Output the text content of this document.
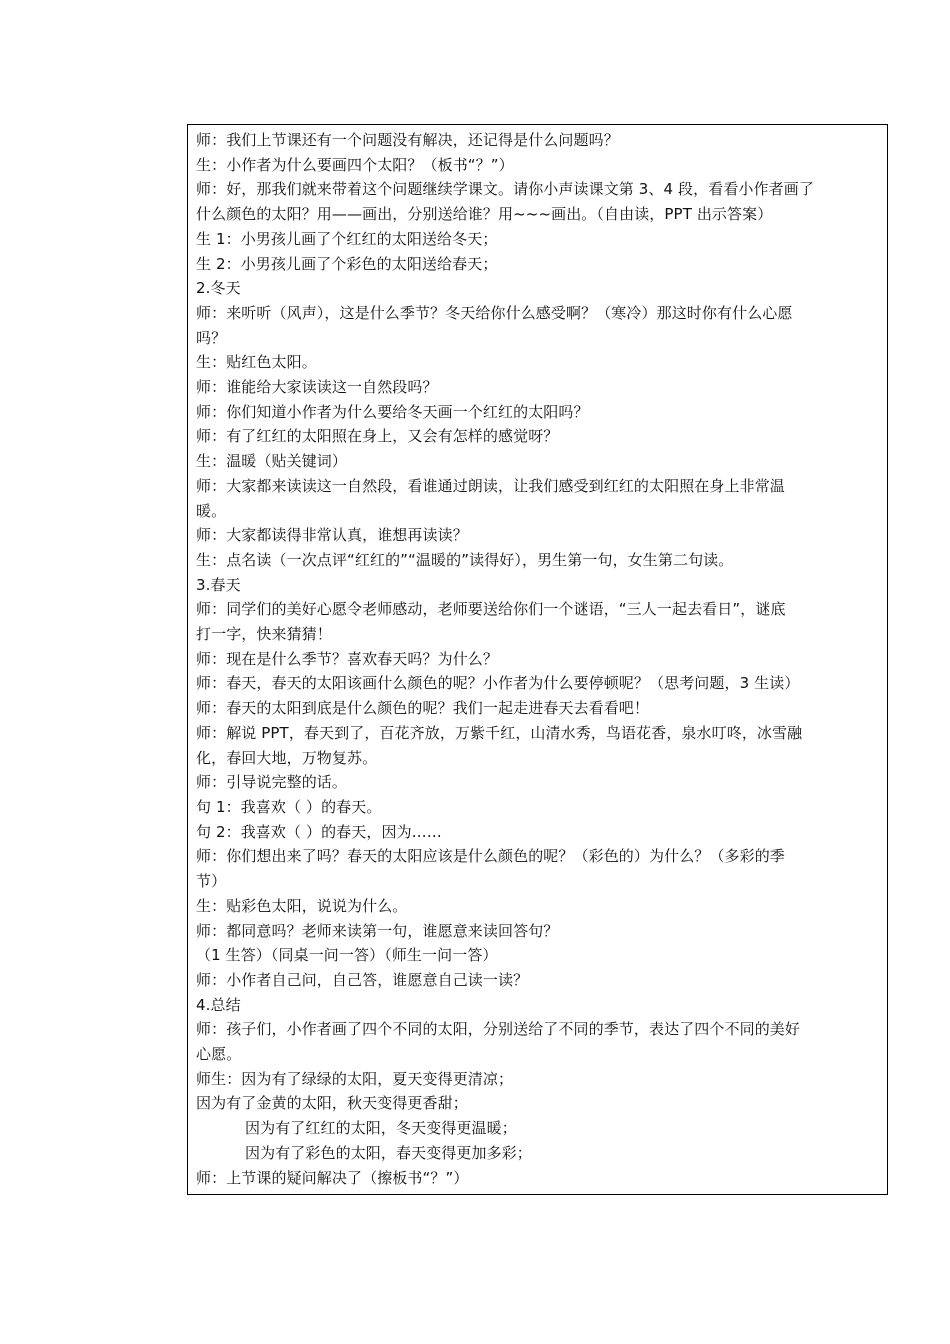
师：我们上节课还有一个问题没有解决，还记得是什么问题吗？
生：小作者为什么要画四个太阳？（板书“？”）
师：好，那我们就来带着这个问题继续学课文。请你小声读课文第 3、4 段，看看小作者画了
什么颜色的太阳？用——画出，分别送给谁？用~~~画出。（自由读，PPT 出示答案）
生 1：小男孩儿画了个红红的太阳送给冬天；
生 2：小男孩儿画了个彩色的太阳送给春天；
2.冬天
师：来听听（风声），这是什么季节？冬天给你什么感受啊？（寒冷）那这时你有什么心愿
吗？
生：贴红色太阳。
师：谁能给大家读读这一自然段吗？
师：你们知道小作者为什么要给冬天画一个红红的太阳吗？
师：有了红红的太阳照在身上，又会有怎样的感觉呀？
生：温暖（贴关键词）
师：大家都来读读这一自然段，看谁通过朗读，让我们感受到红红的太阳照在身上非常温
暖。
师：大家都读得非常认真，谁想再读读？
生：点名读（一次点评“红红的”“温暖的”读得好），男生第一句，女生第二句读。
3.春天
师：同学们的美好心愿令老师感动，老师要送给你们一个谜语，“三人一起去看日”，谜底
打一字，快来猜猜！
师：现在是什么季节？喜欢春天吗？为什么？
师：春天，春天的太阳该画什么颜色的呢？小作者为什么要停顿呢？（思考问题，3 生读）
师：春天的太阳到底是什么颜色的呢？我们一起走进春天去看看吧！
师：解说 PPT，春天到了，百花齐放，万紫千红，山清水秀，鸟语花香，泉水叮咚，冰雪融
化，春回大地，万物复苏。
师：引导说完整的话。
句 1：我喜欢（ ）的春天。
句 2：我喜欢（ ）的春天，因为……
师：你们想出来了吗？春天的太阳应该是什么颜色的呢？（彩色的）为什么？（多彩的季
节）
生：贴彩色太阳，说说为什么。
师：都同意吗？老师来读第一句，谁愿意来读回答句？
（1 生答）（同桌一问一答）（师生一问一答）
师：小作者自己问，自己答，谁愿意自己读一读？
4.总结
师：孩子们，小作者画了四个不同的太阳，分别送给了不同的季节，表达了四个不同的美好
心愿。
师生：因为有了绿绿的太阳，夏天变得更清凉；
因为有了金黄的太阳，秋天变得更香甜；
因为有了红红的太阳，冬天变得更温暖；
因为有了彩色的太阳，春天变得更加多彩；
师：上节课的疑问解决了（擦板书“？”）
